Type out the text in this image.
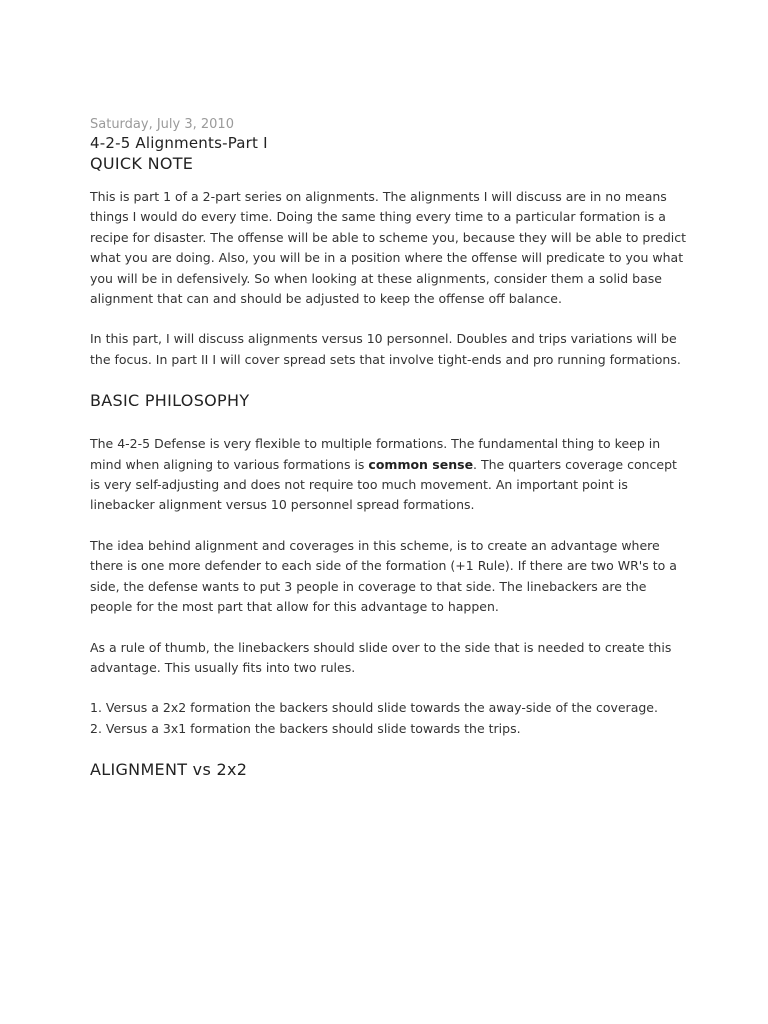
Saturday, July 3, 2010
4-2-5 Alignments-Part I
QUICK NOTE

This is part 1 of a 2-part series on alignments. The alignments I will discuss are in no means things I would do every time. Doing the same thing every time to a particular formation is a recipe for disaster. The offense will be able to scheme you, because they will be able to predict what you are doing. Also, you will be in a position where the offense will predicate to you what you will be in defensively. So when looking at these alignments, consider them a solid base alignment that can and should be adjusted to keep the offense off balance.

In this part, I will discuss alignments versus 10 personnel. Doubles and trips variations will be the focus. In part II I will cover spread sets that involve tight-ends and pro running formations.

BASIC PHILOSOPHY

The 4-2-5 Defense is very flexible to multiple formations. The fundamental thing to keep in mind when aligning to various formations is common sense. The quarters coverage concept is very self-adjusting and does not require too much movement. An important point is linebacker alignment versus 10 personnel spread formations.

The idea behind alignment and coverages in this scheme, is to create an advantage where there is one more defender to each side of the formation (+1 Rule). If there are two WR's to a side, the defense wants to put 3 people in coverage to that side. The linebackers are the people for the most part that allow for this advantage to happen.

As a rule of thumb, the linebackers should slide over to the side that is needed to create this advantage. This usually fits into two rules.

1. Versus a 2x2 formation the backers should slide towards the away-side of the coverage.
2. Versus a 3x1 formation the backers should slide towards the trips.

ALIGNMENT vs 2x2
